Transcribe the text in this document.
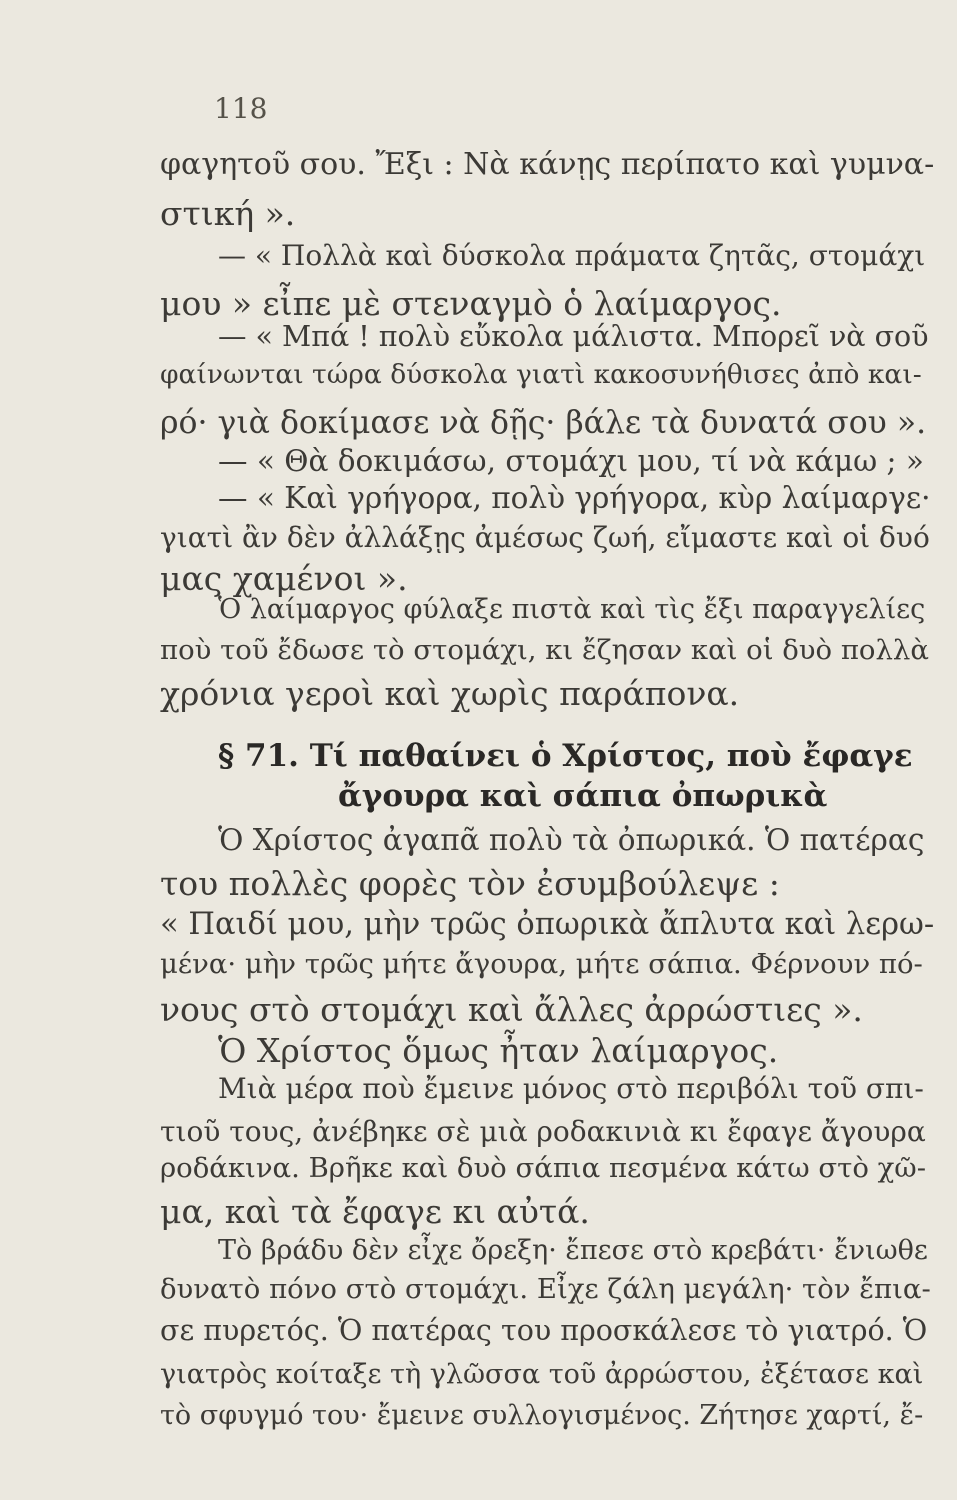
118
φαγητοῦ σου. Ἔξι : Νὰ κάνῃς περίπατο καὶ γυμνα-
στική ».
— « Πολλὰ καὶ δύσκολα πράματα ζητᾶς, στομάχι
μου » εἶπε μὲ στεναγμὸ ὁ λαίμαργος.
— « Μπά ! πολὺ εὔκολα μάλιστα. Μπορεῖ νὰ σοῦ
φαίνωνται τώρα δύσκολα γιατὶ κακοσυνήθισες ἀπὸ και-
ρό· γιὰ δοκίμασε νὰ δῇς· βάλε τὰ δυνατά σου ».
— « Θὰ δοκιμάσω, στομάχι μου, τί νὰ κάμω ; »
— « Καὶ γρήγορα, πολὺ γρήγορα, κὺρ λαίμαργε·
γιατὶ ἂν δὲν ἀλλάξῃς ἀμέσως ζωή, εἴμαστε καὶ οἱ δυό
μας χαμένοι ».
Ὁ λαίμαργος φύλαξε πιστὰ καὶ τὶς ἔξι παραγγελίες
ποὺ τοῦ ἔδωσε τὸ στομάχι, κι ἔζησαν καὶ οἱ δυὸ πολλὰ
χρόνια γεροὶ καὶ χωρὶς παράπονα.
§ 71. Τί παθαίνει ὁ Χρίστος, ποὺ ἔφαγε
ἄγουρα καὶ σάπια ὀπωρικὰ
Ὁ Χρίστος ἀγαπᾶ πολὺ τὰ ὀπωρικά. Ὁ πατέρας
του πολλὲς φορὲς τὸν ἐσυμβούλεψε :
« Παιδί μου, μὴν τρῶς ὀπωρικὰ ἄπλυτα καὶ λερω-
μένα· μὴν τρῶς μήτε ἄγουρα, μήτε σάπια. Φέρνουν πό-
νους στὸ στομάχι καὶ ἄλλες ἀρρώστιες ».
Ὁ Χρίστος ὅμως ἦταν λαίμαργος.
Μιὰ μέρα ποὺ ἔμεινε μόνος στὸ περιβόλι τοῦ σπι-
τιοῦ τους, ἀνέβηκε σὲ μιὰ ροδακινιὰ κι ἔφαγε ἄγουρα
ροδάκινα. Βρῆκε καὶ δυὸ σάπια πεσμένα κάτω στὸ χῶ-
μα, καὶ τὰ ἔφαγε κι αὐτά.
Τὸ βράδυ δὲν εἶχε ὄρεξη· ἔπεσε στὸ κρεβάτι· ἔνιωθε
δυνατὸ πόνο στὸ στομάχι. Εἶχε ζάλη μεγάλη· τὸν ἔπια-
σε πυρετός. Ὁ πατέρας του προσκάλεσε τὸ γιατρό. Ὁ
γιατρὸς κοίταξε τὴ γλῶσσα τοῦ ἀρρώστου, ἐξέτασε καὶ
τὸ σφυγμό του· ἔμεινε συλλογισμένος. Ζήτησε χαρτί, ἔ-
